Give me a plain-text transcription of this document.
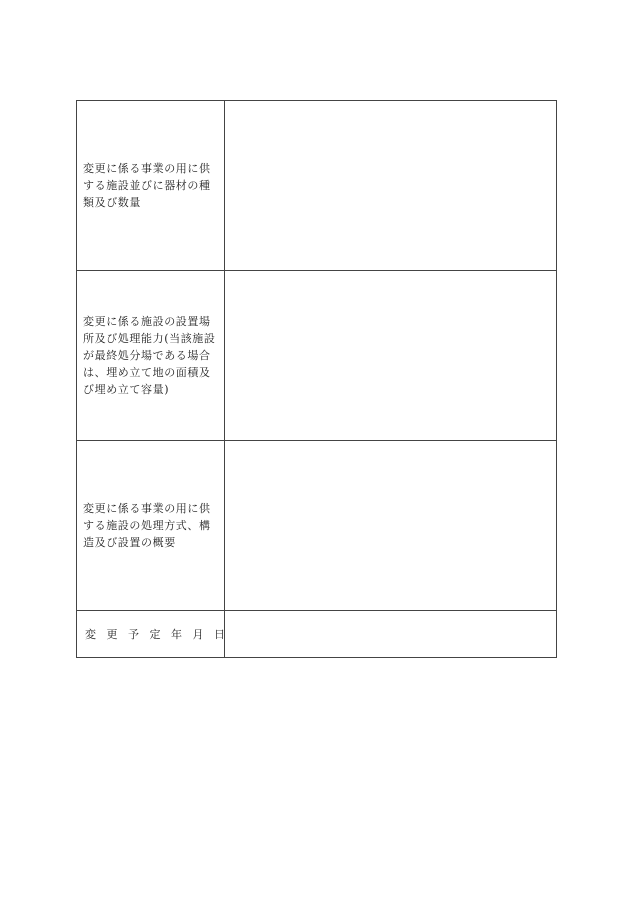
変更に係る事業の用に供する施設並びに器材の種類及び数量	
変更に係る施設の設置場所及び処理能力(当該施設が最終処分場である場合は、埋め立て地の面積及び埋め立て容量)	
変更に係る事業の用に供する施設の処理方式、構造及び設置の概要	
変更予定年月日	
